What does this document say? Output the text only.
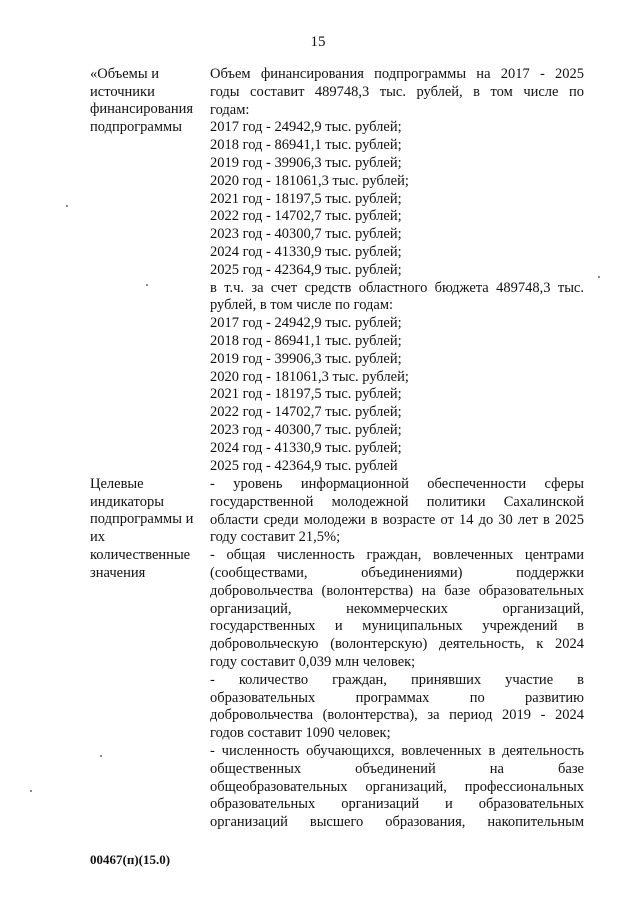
15
«Объемы и
источники
финансирования
подпрограммы
Объем финансирования подпрограммы на 2017 - 2025
годы составит 489748,3 тыс. рублей, в том числе по
годам:
2017 год - 24942,9 тыс. рублей;
2018 год - 86941,1 тыс. рублей;
2019 год - 39906,3 тыс. рублей;
2020 год - 181061,3 тыс. рублей;
2021 год - 18197,5 тыс. рублей;
2022 год - 14702,7 тыс. рублей;
2023 год - 40300,7 тыс. рублей;
2024 год - 41330,9 тыс. рублей;
2025 год - 42364,9 тыс. рублей;
в т.ч. за счет средств областного бюджета 489748,3 тыс.
рублей, в том числе по годам:
2017 год - 24942,9 тыс. рублей;
2018 год - 86941,1 тыс. рублей;
2019 год - 39906,3 тыс. рублей;
2020 год - 181061,3 тыс. рублей;
2021 год - 18197,5 тыс. рублей;
2022 год - 14702,7 тыс. рублей;
2023 год - 40300,7 тыс. рублей;
2024 год - 41330,9 тыс. рублей;
2025 год - 42364,9 тыс. рублей
Целевые
индикаторы
подпрограммы и
их
количественные
значения
- уровень информационной обеспеченности сферы
государственной молодежной политики Сахалинской
области среди молодежи в возрасте от 14 до 30 лет в 2025
году составит 21,5%;
- общая численность граждан, вовлеченных центрами
(сообществами, объединениями) поддержки
добровольчества (волонтерства) на базе образовательных
организаций, некоммерческих организаций,
государственных и муниципальных учреждений в
добровольческую (волонтерскую) деятельность, к 2024
году составит 0,039 млн человек;
- количество граждан, принявших участие в
образовательных программах по развитию
добровольчества (волонтерства), за период 2019 - 2024
годов составит 1090 человек;
- численность обучающихся, вовлеченных в деятельность
общественных объединений на базе
общеобразовательных организаций, профессиональных
образовательных организаций и образовательных
организаций высшего образования, накопительным
00467(п)(15.0)
